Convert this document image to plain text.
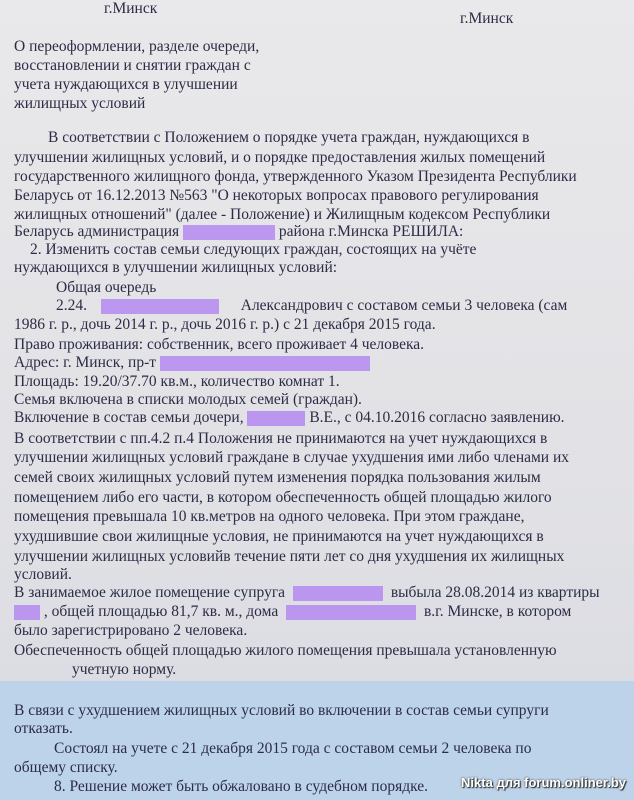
г.Минск
г.Минск
О переоформлении, разделе очереди,
восстановлении и снятии граждан с
учета нуждающихся в улучшении
жилищных условий
В соответствии с Положением о порядке учета граждан, нуждающихся в
улучшении жилищных условий, и о порядке предоставления жилых помещений
государственного жилищного фонда, утвержденного Указом Президента Республики
Беларусь от 16.12.2013 №563 "О некоторых вопросах правового регулирования
жилищных отношений" (далее - Положение) и Жилищным кодексом Республики
Беларусь администрация	района г.Минска РЕШИЛА:
2. Изменить состав семьи следующих граждан, состоящих на учёте
нуждающихся в улучшении жилищных условий:
Общая очередь
2.24.	Александрович с составом семьи 3 человека (сам
1986 г. р., дочь 2014 г. р., дочь 2016 г. р.) с 21 декабря 2015 года.
Право проживания: собственник, всего проживает 4 человека.
Адрес: г. Минск, пр-т
Площадь: 19.20/37.70 кв.м., количество комнат 1.
Семья включена в списки молодых семей (граждан).
Включение в состав семьи дочери,	В.Е., с 04.10.2016 согласно заявлению.
В соответствии с пп.4.2 п.4 Положения не принимаются на учет нуждающихся в
улучшении жилищных условий граждане в случае ухудшения ими либо членами их
семей своих жилищных условий путем изменения порядка пользования жилым
помещением либо его части, в котором обеспеченность общей площадью жилого
помещения превышала 10 кв.метров на одного человека. При этом граждане,
ухудшившие свои жилищные условия, не принимаются на учет нуждающихся в
улучшении жилищных условийв течение пяти лет со дня ухудшения их жилищных
условий.
В занимаемое жилое помещение супруга	выбыла 28.08.2014 из квартиры
, общей площадью 81,7 кв. м., дома	в.г. Минске, в котором
было зарегистрировано 2 человека.
Обеспеченность общей площадью жилого помещения превышала установленную
учетную норму.
В связи с ухудшением жилищных условий во включении в состав семьи супруги
отказать.
Состоял на учете с 21 декабря 2015 года с составом семьи 2 человека по
общему списку.
8. Решение может быть обжаловано в судебном порядке.	Nikta для forum.onliner.by
